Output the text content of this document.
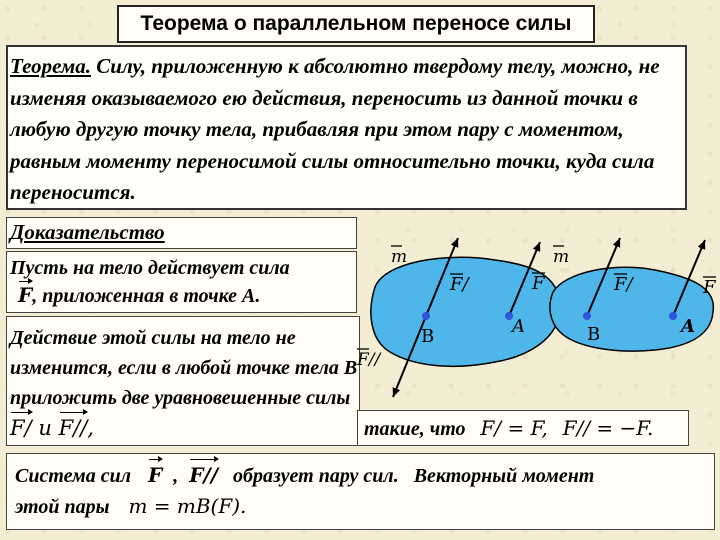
Теорема о параллельном переносе силы
Теорема. Силу, приложенную к абсолютно твердому телу, можно, не изменяя оказываемого ею действия, переносить из данной точки в любую другую точку тела, прибавляя при этом пару с моментом, равным моменту переносимой силы относительно точки, куда сила переносится.
Доказательство
Пусть на тело действует сила
F, приложенная в точке A.
Действие этой силы на тело не изменится, если в любой точке тела B приложить две уравновешенные силы F/ и F//,	такие, что F/ = F, F// = −F.
Система сил F , F// образует пару сил. Векторный момент
этой пары m = mB(F).
m
F/	F
B	A
F//
m
F/	F
B	A
